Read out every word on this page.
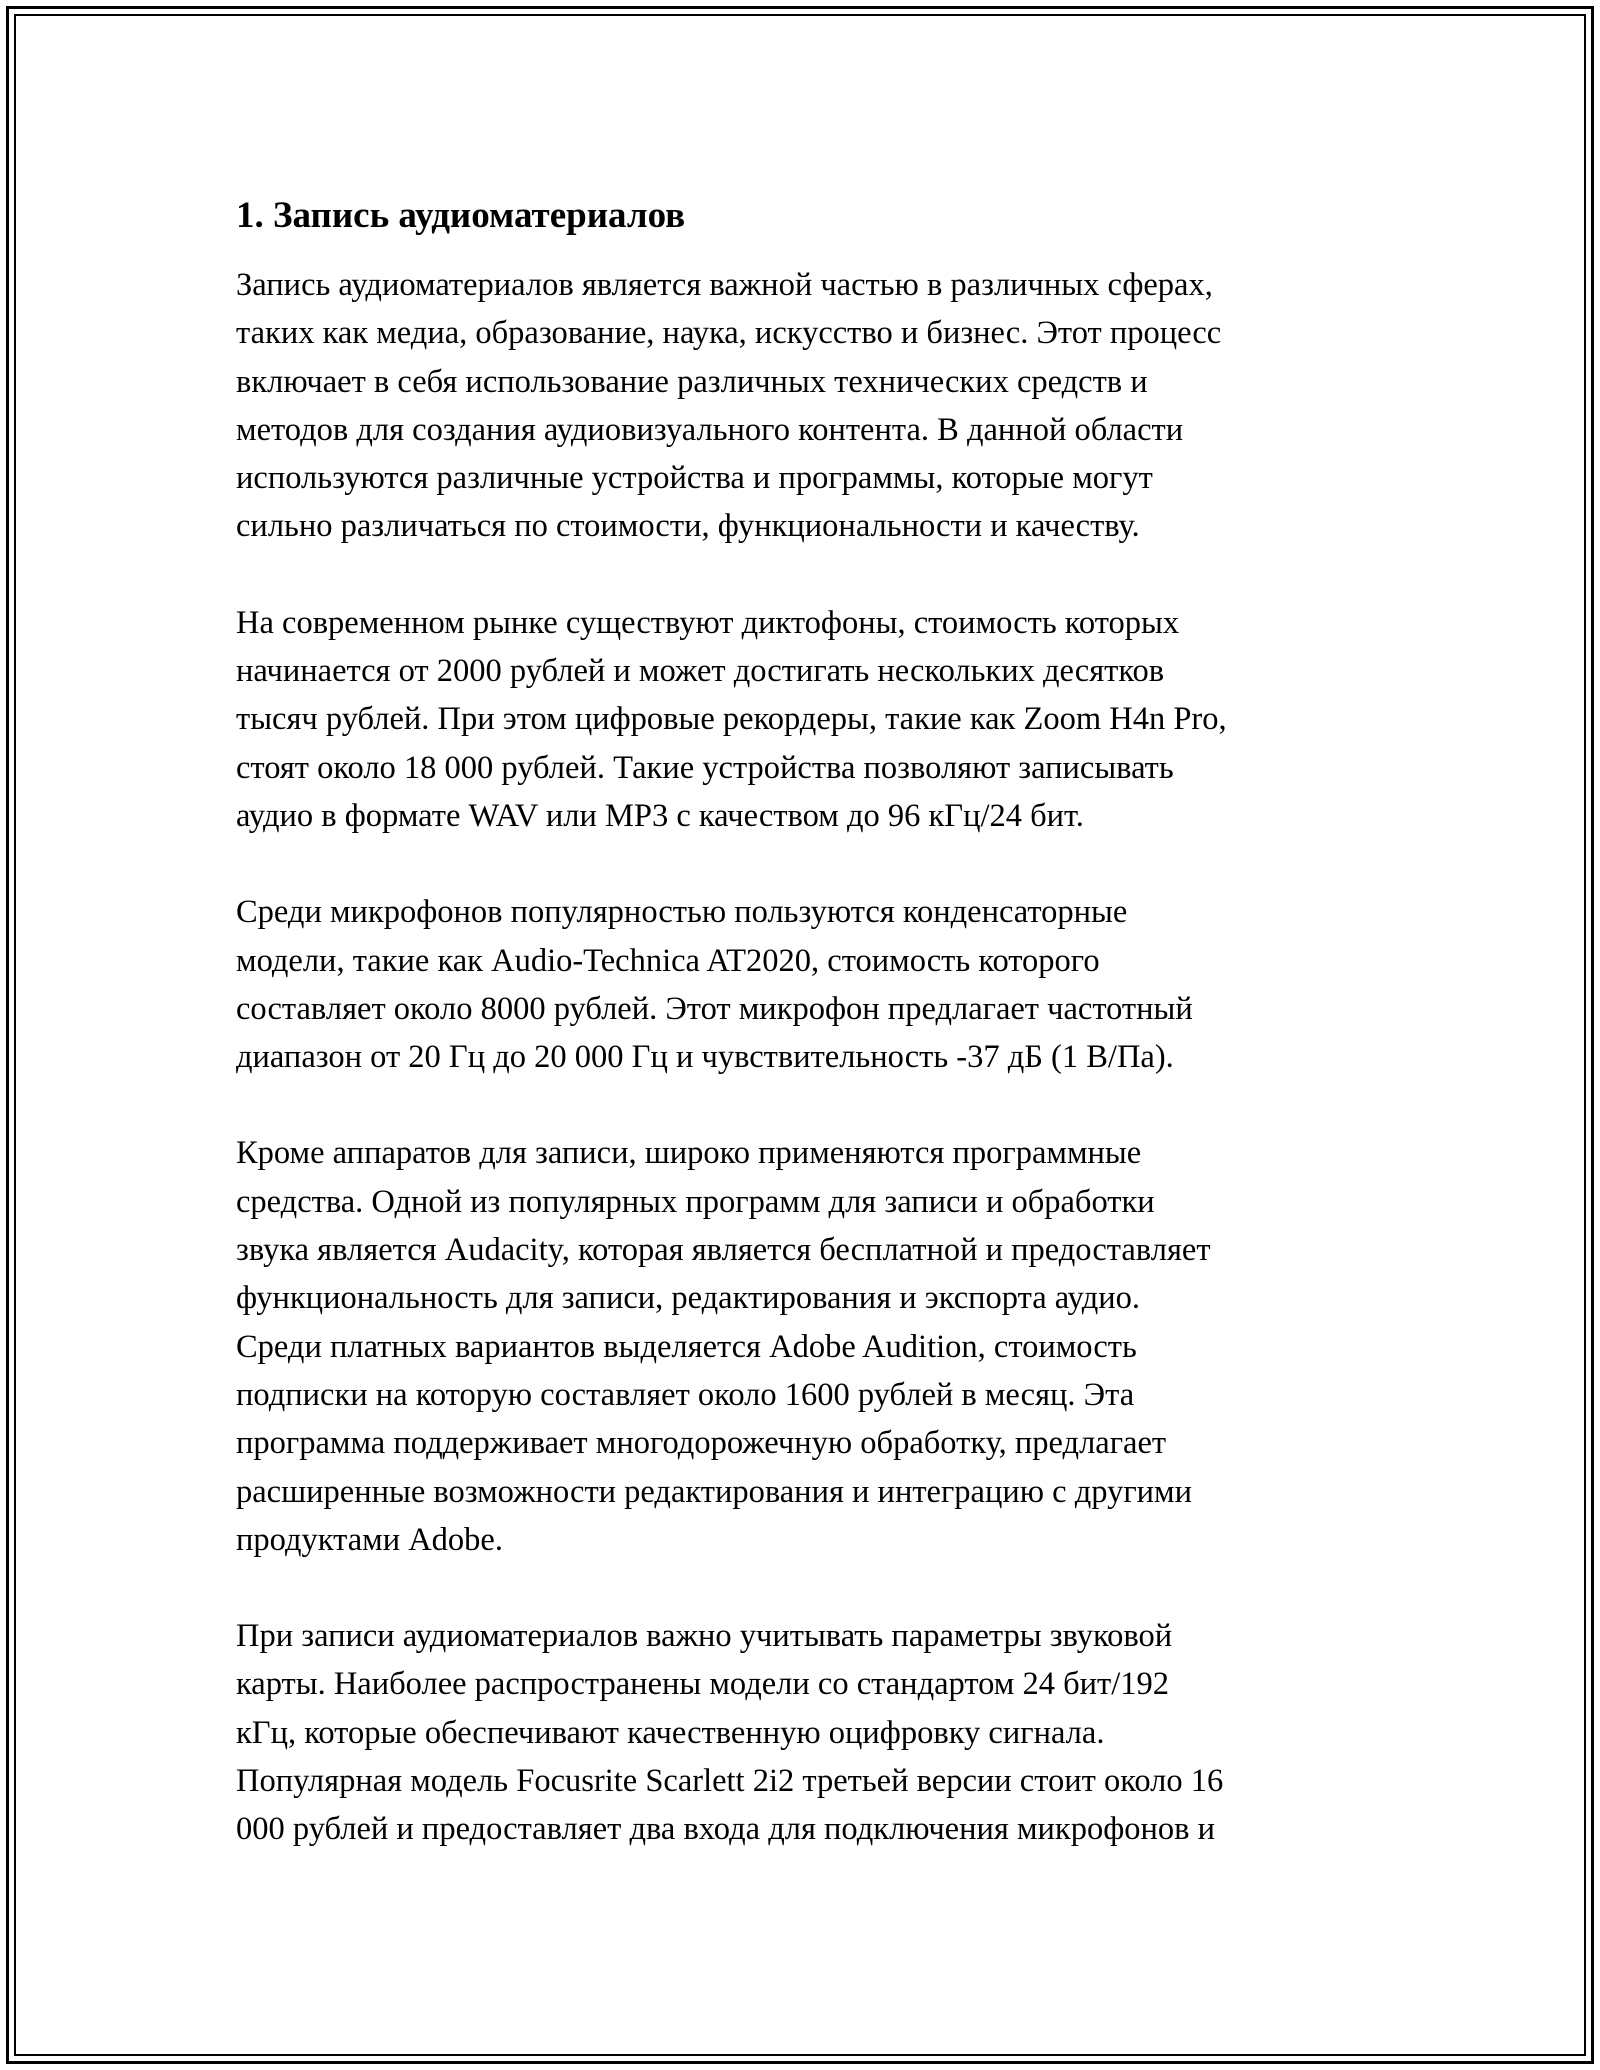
1. Запись аудиоматериалов

Запись аудиоматериалов является важной частью в различных сферах,
таких как медиа, образование, наука, искусство и бизнес. Этот процесс
включает в себя использование различных технических средств и
методов для создания аудиовизуального контента. В данной области
используются различные устройства и программы, которые могут
сильно различаться по стоимости, функциональности и качеству.

На современном рынке существуют диктофоны, стоимость которых
начинается от 2000 рублей и может достигать нескольких десятков
тысяч рублей. При этом цифровые рекордеры, такие как Zoom H4n Pro,
стоят около 18 000 рублей. Такие устройства позволяют записывать
аудио в формате WAV или MP3 с качеством до 96 кГц/24 бит.

Среди микрофонов популярностью пользуются конденсаторные
модели, такие как Audio-Technica AT2020, стоимость которого
составляет около 8000 рублей. Этот микрофон предлагает частотный
диапазон от 20 Гц до 20 000 Гц и чувствительность -37 дБ (1 В/Па).

Кроме аппаратов для записи, широко применяются программные
средства. Одной из популярных программ для записи и обработки
звука является Audacity, которая является бесплатной и предоставляет
функциональность для записи, редактирования и экспорта аудио.
Среди платных вариантов выделяется Adobe Audition, стоимость
подписки на которую составляет около 1600 рублей в месяц. Эта
программа поддерживает многодорожечную обработку, предлагает
расширенные возможности редактирования и интеграцию с другими
продуктами Adobe.

При записи аудиоматериалов важно учитывать параметры звуковой
карты. Наиболее распространены модели со стандартом 24 бит/192
кГц, которые обеспечивают качественную оцифровку сигнала.
Популярная модель Focusrite Scarlett 2i2 третьей версии стоит около 16
000 рублей и предоставляет два входа для подключения микрофонов и
